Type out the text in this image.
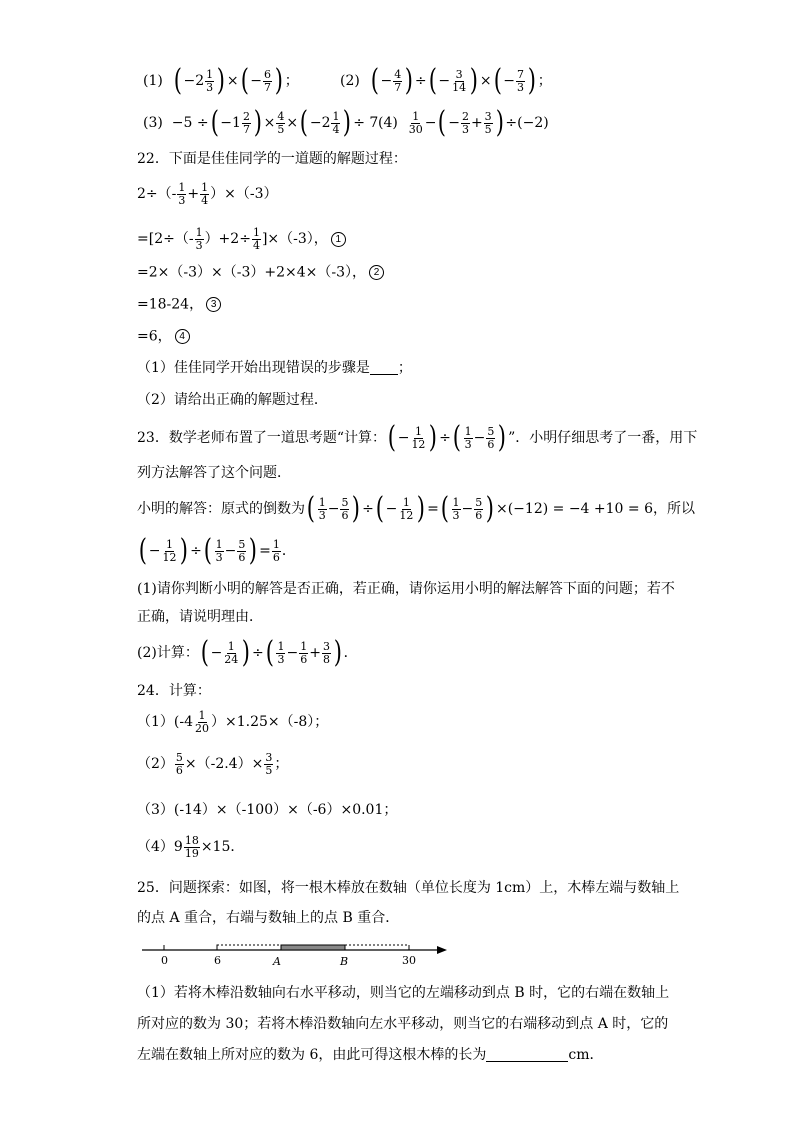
(1)
( $-2 \frac{1}{3}$ ) × ( − $\frac{6}{7}$ ) ；	(2)
( − $\frac{4}{7}$ ) ÷ ( − $\frac{3}{14}$ ) × ( − $\frac{7}{3}$ ) ；
(3)
−5 ÷ ( $-1 \frac{2}{7}$ ) × $\frac{4}{5}$ × ( $-2 \frac{1}{4}$ ) ÷ 7 (4)
$\frac{1}{30}$ − ( − $\frac{2}{3} + \frac{3}{5}$ ) ÷(−2)
22．下面是佳佳同学的一道题的解题过程：
$2\div(- \frac{1}{3} + \frac{1}{4} )\times(-3)$
$=[2\div(- \frac{1}{3} )+2\div \frac{1}{4} ]\times(-3)$， 1
=2×（-3）×（-3）+2×4×（-3）， 2
=18-24， 3
=6， 4
（1）佳佳同学开始出现错误的步骤是 ；
（2）请给出正确的解题过程．
23．数学老师布置了一道思考题“计算： ( − $\frac{1}{12}$ ) ÷ ( $\frac{1}{3} - \frac{5}{6}$ ) ”．小明仔细思考了一番，用下
列方法解答了这个问题．
小明的解答：原式的倒数为 ( $\frac{1}{3} - \frac{5}{6}$ ) ÷ ( − $\frac{1}{12}$ ) = ( $\frac{1}{3} - \frac{5}{6}$ ) × (−12) = −4 +10 = 6 ，所以
( − $\frac{1}{12}$ ) ÷ ( $\frac{1}{3} - \frac{5}{6}$ ) = $\frac{1}{6}$ ．
(1)请你判断小明的解答是否正确，若正确，请你运用小明的解法解答下面的问题；若不
正确，请说明理由．
(2)计算： ( − $\frac{1}{24}$ ) ÷ ( $\frac{1}{3} - \frac{1}{6} + \frac{3}{8}$ ) ．
24．计算：
$(1)(-4 \frac{1}{20} )\times 1.25\times(-8)$；
$(2) \frac{5}{6} \times(-2.4)\times \frac{3}{5}$ ；
（3）(-14）×（-100）×（-6）×0.01；
$(4)9 \frac{18}{19} \times 15$．
25．问题探索：如图，将一根木棒放在数轴（单位长度为 1cm）上，木棒左端与数轴上
的点 A 重合，右端与数轴上的点 B 重合．
0	6	A	B	30
（1）若将木棒沿数轴向右水平移动，则当它的左端移动到点 B 时，它的右端在数轴上
所对应的数为 30；若将木棒沿数轴向左水平移动，则当它的右端移动到点 A 时，它的
左端在数轴上所对应的数为 6，由此可得这根木棒的长为	cm．
